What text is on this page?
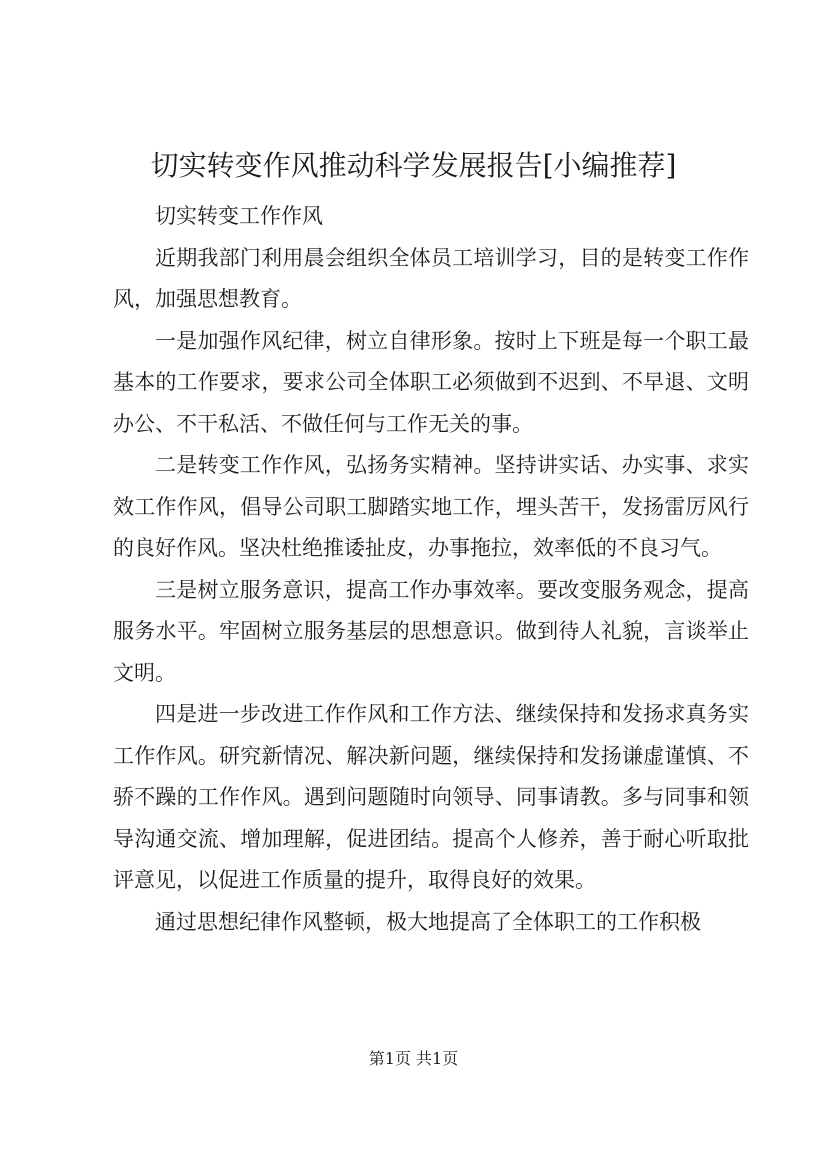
切实转变作风推动科学发展报告[小编推荐]

切实转变工作作风

近期我部门利用晨会组织全体员工培训学习，目的是转变工作作风，加强思想教育。

一是加强作风纪律，树立自律形象。按时上下班是每一个职工最基本的工作要求，要求公司全体职工必须做到不迟到、不早退、文明办公、不干私活、不做任何与工作无关的事。

二是转变工作作风，弘扬务实精神。坚持讲实话、办实事、求实效工作作风，倡导公司职工脚踏实地工作，埋头苦干，发扬雷厉风行的良好作风。坚决杜绝推诿扯皮，办事拖拉，效率低的不良习气。

三是树立服务意识，提高工作办事效率。要改变服务观念，提高服务水平。牢固树立服务基层的思想意识。做到待人礼貌，言谈举止文明。

四是进一步改进工作作风和工作方法、继续保持和发扬求真务实工作作风。研究新情况、解决新问题，继续保持和发扬谦虚谨慎、不骄不躁的工作作风。遇到问题随时向领导、同事请教。多与同事和领导沟通交流、增加理解，促进团结。提高个人修养，善于耐心听取批评意见，以促进工作质量的提升，取得良好的效果。

通过思想纪律作风整顿，极大地提高了全体职工的工作积极

第1页 共1页
